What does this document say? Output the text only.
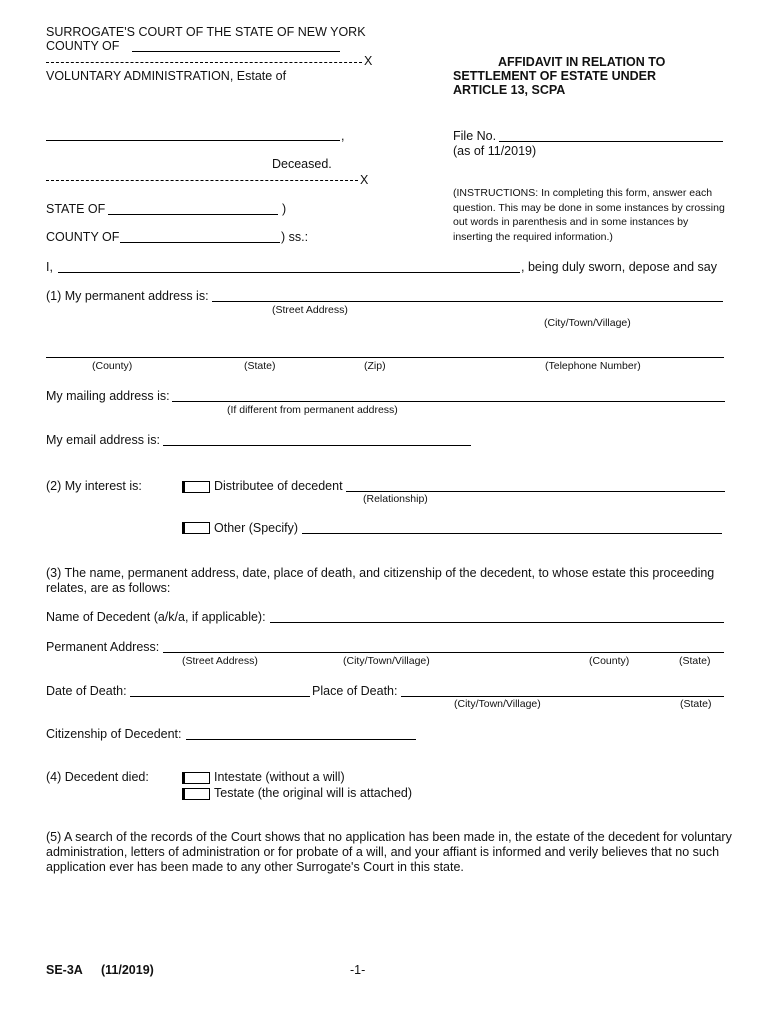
SURROGATE'S COURT OF THE STATE OF NEW YORK
COUNTY OF
X
VOLUNTARY ADMINISTRATION, Estate of
AFFIDAVIT IN RELATION TO
SETTLEMENT OF ESTATE UNDER
ARTICLE 13, SCPA
,	File No.
(as of 11/2019)
Deceased.
X
(INSTRUCTIONS: In completing this form, answer each question. This may be done in some instances by crossing out words in parenthesis and in some instances by inserting the required information.)
STATE OF	)
COUNTY OF	) ss.:
I,	, being duly sworn, depose and say
(1) My permanent address is:
(Street Address)
(City/Town/Village)
(County)	(State)	(Zip)	(Telephone Number)
My mailing address is:
(If different from permanent address)
My email address is:
(2) My interest is:	Distributee of decedent
(Relationship)
Other (Specify)
(3) The name, permanent address, date, place of death, and citizenship of the decedent, to whose estate this proceeding relates, are as follows:
Name of Decedent (a/k/a, if applicable):
Permanent Address:
(Street Address)	(City/Town/Village)	(County)	(State)
Date of Death:	Place of Death:
(City/Town/Village)	(State)
Citizenship of Decedent:
(4) Decedent died:	Intestate (without a will)
Testate (the original will is attached)
(5) A search of the records of the Court shows that no application has been made in, the estate of the decedent for voluntary administration, letters of administration or for probate of a will, and your affiant is informed and verily believes that no such application ever has been made to any other Surrogate's Court in this state.
SE-3A (11/2019)	-1-
